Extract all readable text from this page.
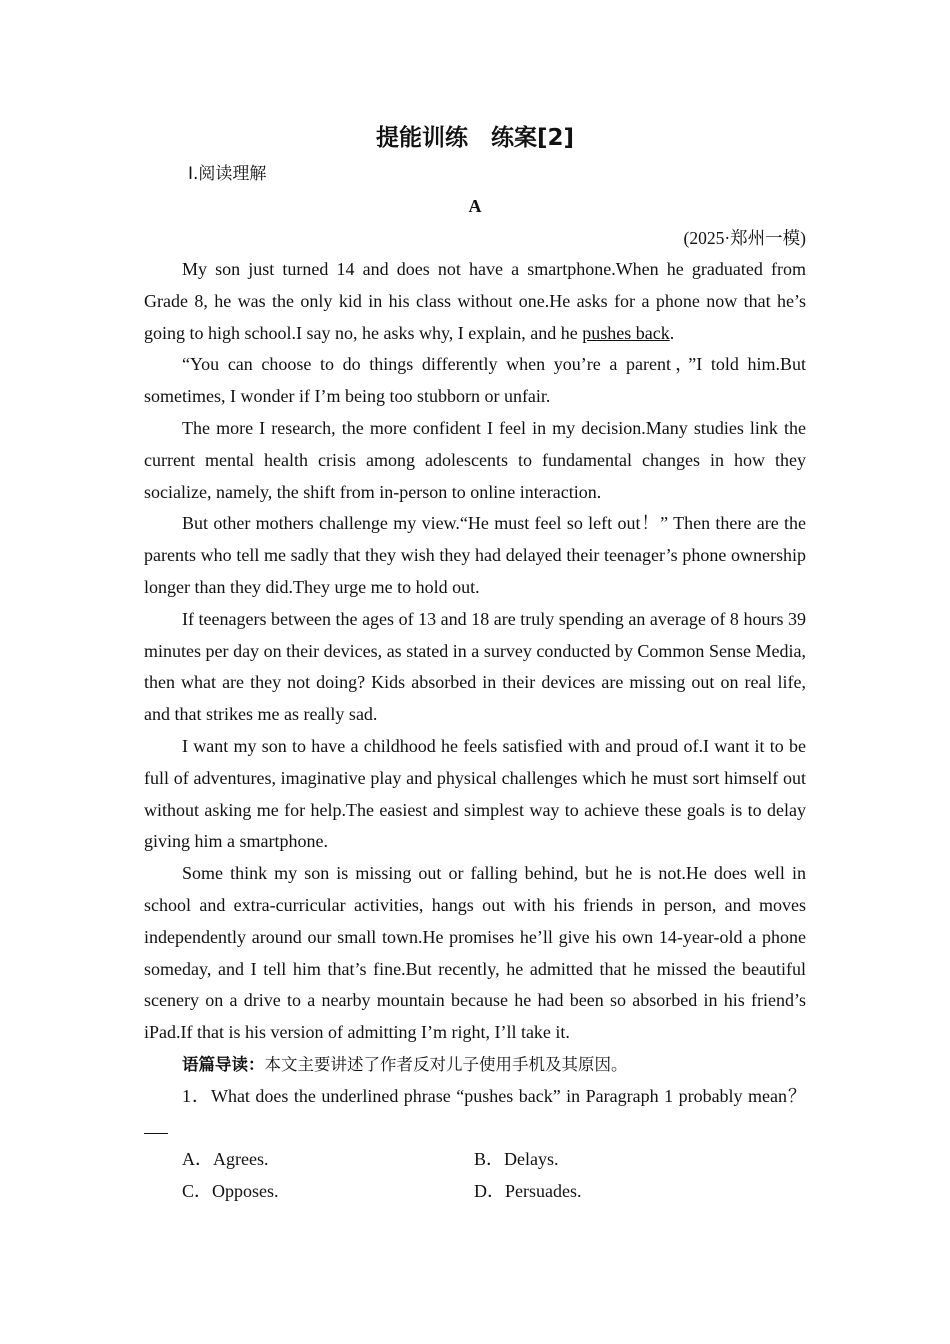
提能训练　练案[2]
Ⅰ.阅读理解
A
(2025·郑州一模)

My son just turned 14 and does not have a smartphone.When he graduated from Grade 8, he was the only kid in his class without one.He asks for a phone now that he’s going to high school.I say no, he asks why, I explain, and he pushes back.

“You can choose to do things differently when you’re a parent，”I told him.But sometimes, I wonder if I’m being too stubborn or unfair.

The more I research, the more confident I feel in my decision.Many studies link the current mental health crisis among adolescents to fundamental changes in how they socialize, namely, the shift from in-person to online interaction.

But other mothers challenge my view.“He must feel so left out！” Then there are the parents who tell me sadly that they wish they had delayed their teenager’s phone ownership longer than they did.They urge me to hold out.

If teenagers between the ages of 13 and 18 are truly spending an average of 8 hours 39 minutes per day on their devices, as stated in a survey conducted by Common Sense Media, then what are they not doing? Kids absorbed in their devices are missing out on real life, and that strikes me as really sad.

I want my son to have a childhood he feels satisfied with and proud of.I want it to be full of adventures, imaginative play and physical challenges which he must sort himself out without asking me for help.The easiest and simplest way to achieve these goals is to delay giving him a smartphone.

Some think my son is missing out or falling behind, but he is not.He does well in school and extra-curricular activities, hangs out with his friends in person, and moves independently around our small town.He promises he’ll give his own 14-year-old a phone someday, and I tell him that’s fine.But recently, he admitted that he missed the beautiful scenery on a drive to a nearby mountain because he had been so absorbed in his friend’s iPad.If that is his version of admitting I’m right, I’ll take it.

语篇导读：本文主要讲述了作者反对儿子使用手机及其原因。

1．What does the underlined phrase “pushes back” in Paragraph 1 probably mean？

A．Agrees.	B．Delays.
C．Opposes.	D．Persuades.
